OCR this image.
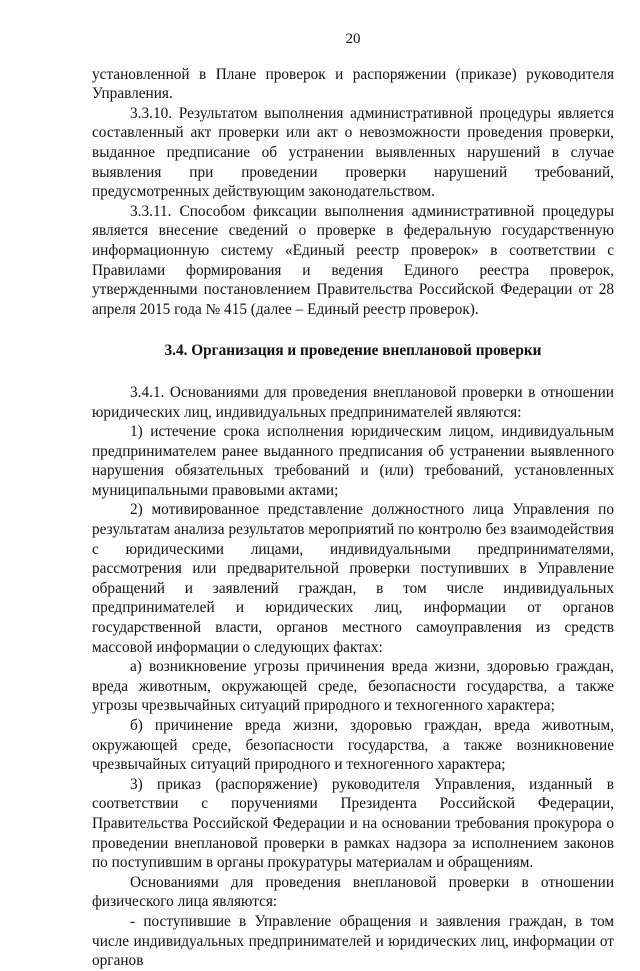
20

установленной в Плане проверок и распоряжении (приказе) руководителя Управления.

3.3.10. Результатом выполнения административной процедуры является составленный акт проверки или акт о невозможности проведения проверки, выданное предписание об устранении выявленных нарушений в случае выявления при проведении проверки нарушений требований, предусмотренных действующим законодательством.

3.3.11. Способом фиксации выполнения административной процедуры является внесение сведений о проверке в федеральную государственную информационную систему «Единый реестр проверок» в соответствии с Правилами формирования и ведения Единого реестра проверок, утвержденными постановлением Правительства Российской Федерации от 28 апреля 2015 года № 415 (далее – Единый реестр проверок).

3.4. Организация и проведение внеплановой проверки

3.4.1. Основаниями для проведения внеплановой проверки в отношении юридических лиц, индивидуальных предпринимателей являются:

1) истечение срока исполнения юридическим лицом, индивидуальным предпринимателем ранее выданного предписания об устранении выявленного нарушения обязательных требований и (или) требований, установленных муниципальными правовыми актами;

2) мотивированное представление должностного лица Управления по результатам анализа результатов мероприятий по контролю без взаимодействия с юридическими лицами, индивидуальными предпринимателями, рассмотрения или предварительной проверки поступивших в Управление обращений и заявлений граждан, в том числе индивидуальных предпринимателей и юридических лиц, информации от органов государственной власти, органов местного самоуправления из средств массовой информации о следующих фактах:

а) возникновение угрозы причинения вреда жизни, здоровью граждан, вреда животным, окружающей среде, безопасности государства, а также угрозы чрезвычайных ситуаций природного и техногенного характера;

б) причинение вреда жизни, здоровью граждан, вреда животным, окружающей среде, безопасности государства, а также возникновение чрезвычайных ситуаций природного и техногенного характера;

3) приказ (распоряжение) руководителя Управления, изданный в соответствии с поручениями Президента Российской Федерации, Правительства Российской Федерации и на основании требования прокурора о проведении внеплановой проверки в рамках надзора за исполнением законов по поступившим в органы прокуратуры материалам и обращениям.

Основаниями для проведения внеплановой проверки в отношении физического лица являются:

- поступившие в Управление обращения и заявления граждан, в том числе индивидуальных предпринимателей и юридических лиц, информации от органов
